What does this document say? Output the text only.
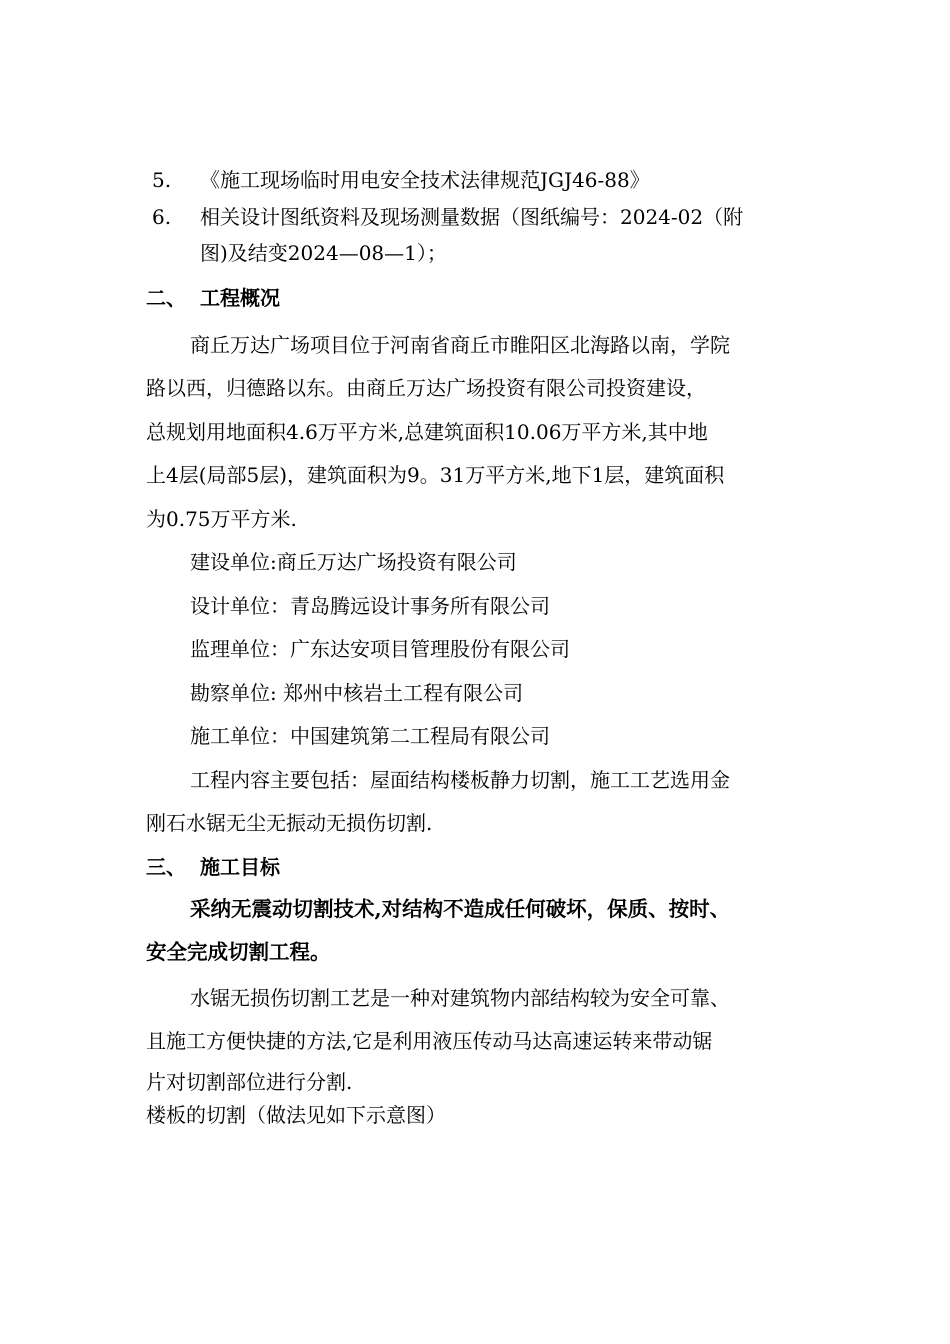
5. 《施工现场临时用电安全技术法律规范JGJ46-88》
6. 相关设计图纸资料及现场测量数据（图纸编号：2024-02（附
图)及结变2024—08—1）；
二、 工程概况
商丘万达广场项目位于河南省商丘市睢阳区北海路以南，学院
路以西，归德路以东。由商丘万达广场投资有限公司投资建设，
总规划用地面积4.6万平方米,总建筑面积10.06万平方米,其中地
上4层(局部5层)，建筑面积为9。31万平方米,地下1层，建筑面积
为0.75万平方米.
建设单位:商丘万达广场投资有限公司
设计单位：青岛腾远设计事务所有限公司
监理单位：广东达安项目管理股份有限公司
勘察单位: 郑州中核岩土工程有限公司
施工单位：中国建筑第二工程局有限公司
工程内容主要包括：屋面结构楼板静力切割，施工工艺选用金
刚石水锯无尘无振动无损伤切割.
三、 施工目标
采纳无震动切割技术,对结构不造成任何破坏，保质、按时、
安全完成切割工程。
水锯无损伤切割工艺是一种对建筑物内部结构较为安全可靠、
且施工方便快捷的方法,它是利用液压传动马达高速运转来带动锯
片对切割部位进行分割.
楼板的切割（做法见如下示意图）
